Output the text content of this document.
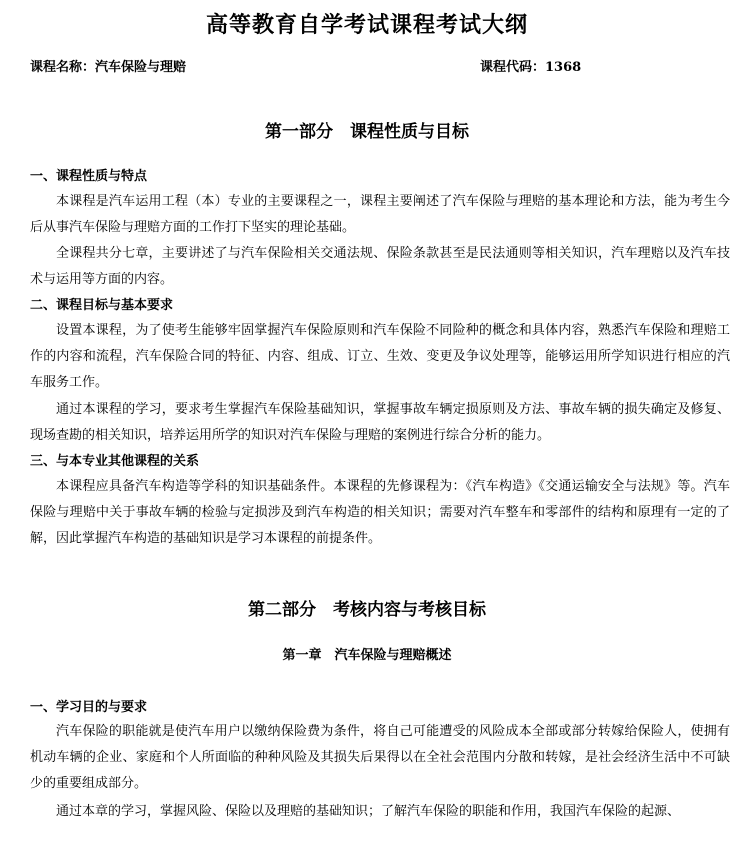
高等教育自学考试课程考试大纲
课程名称：汽车保险与理赔	课程代码：1368
第一部分　课程性质与目标
一、课程性质与特点
本课程是汽车运用工程（本）专业的主要课程之一，课程主要阐述了汽车保险与理赔的基本理论和方法，能为考生今后从事汽车保险与理赔方面的工作打下坚实的理论基础。
全课程共分七章，主要讲述了与汽车保险相关交通法规、保险条款甚至是民法通则等相关知识，汽车理赔以及汽车技术与运用等方面的内容。
二、课程目标与基本要求
设置本课程，为了使考生能够牢固掌握汽车保险原则和汽车保险不同险种的概念和具体内容，熟悉汽车保险和理赔工作的内容和流程，汽车保险合同的特征、内容、组成、订立、生效、变更及争议处理等，能够运用所学知识进行相应的汽车服务工作。
通过本课程的学习，要求考生掌握汽车保险基础知识，掌握事故车辆定损原则及方法、事故车辆的损失确定及修复、现场查勘的相关知识，培养运用所学的知识对汽车保险与理赔的案例进行综合分析的能力。
三、与本专业其他课程的关系
本课程应具备汽车构造等学科的知识基础条件。本课程的先修课程为：《汽车构造》《交通运输安全与法规》等。汽车保险与理赔中关于事故车辆的检验与定损涉及到汽车构造的相关知识；需要对汽车整车和零部件的结构和原理有一定的了解，因此掌握汽车构造的基础知识是学习本课程的前提条件。
第二部分　考核内容与考核目标
第一章　汽车保险与理赔概述
一、学习目的与要求
汽车保险的职能就是使汽车用户以缴纳保险费为条件，将自己可能遭受的风险成本全部或部分转嫁给保险人，使拥有机动车辆的企业、家庭和个人所面临的种种风险及其损失后果得以在全社会范围内分散和转嫁，是社会经济生活中不可缺少的重要组成部分。
通过本章的学习，掌握风险、保险以及理赔的基础知识；了解汽车保险的职能和作用，我国汽车保险的起源、
